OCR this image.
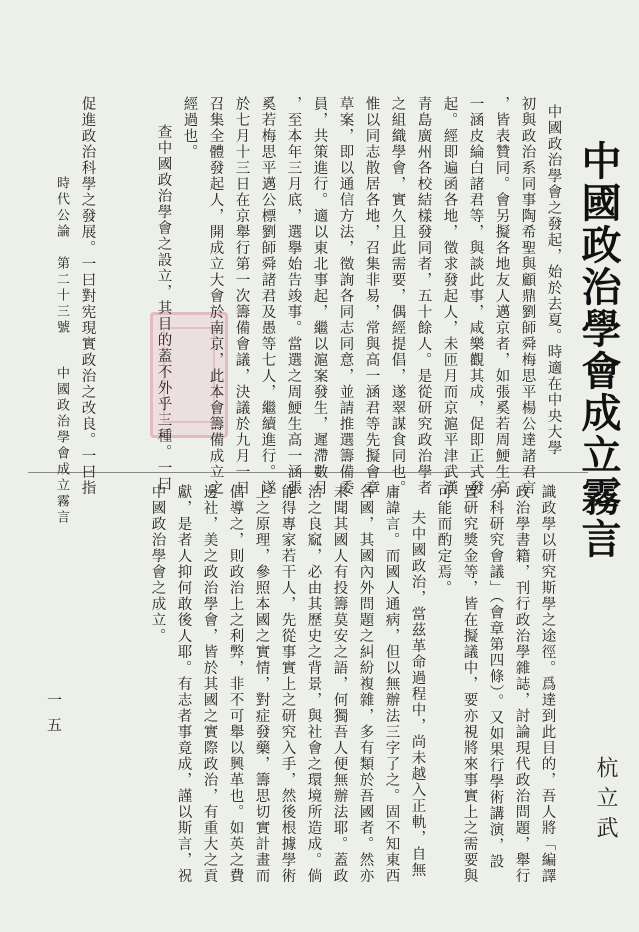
中國政治學會成立霧言
杭立武
中國政治學會之發起，始於去夏。時適在中央大學
初與政治系同事陶希聖與顧鼎劉師舜梅思平楊公達諸君言
，皆表贊同。會另擬各地友人邁京者，如張奚若周鯁生高
一涵皮綸白諸君等，與談此事，咸樂觀其成，促即正式發
起。經即遍函各地，徵求發起人，未匝月而京滬平津武漢
青島廣州各校結樣發同者，五十餘人。是從研究政治學者
之組織學會，實久且此需要，偶經提倡，遂翠謀食同也。
惟以同志散居各地，召集非易，常與高一涵君等先擬會章
草案，即以通信方法，徵詢各同志同意，並請推選籌備委
員，共策進行。適以東北事起，繼以滬案發生，遲滯數月
，至本年三月底，選擧始告竣事。當選之周鯁生高一涵張
奚若梅思平邁公標劉師舜諸君及愚等七人，繼續進行。遂
於七月十三日在京舉行第一次籌備會議，決議於九月一日
召集全體發起人，開成立大會於南京，此本會籌備成立之
經過也。
查中國政治學會之設立，其目的蓋不外乎三種。一曰
促進政治科學之發展。一曰對宪現實政治之改良。一曰指
識政學以研究斯學之途徑。爲達到此目的，吾人將「編譯
政治學書籍，刊行政治學雜誌，討論現代政治問題，舉行
分科研究會議」（會章第四條）。又如果行學術講演，設
置研究獎金等，皆在擬議中，要亦視將來事實上之需要與
可能而酌定焉。
夫中國政治，當茲革命過程中，尚未越入正軌，自無
庸諱言。而國人通病，但以無辦法三字了之。固不知東西
各國，其國內外問題之糾紛複雜，多有類於吾國者。然亦
未聞其國人有投籌莫安之語，何獨吾人便無辦法耶。蓋政
治之良窳，必由其歷史之背景，與社會之環境所造成。倘
能得專家若干人，先從事實上之研究入手，然後根據學術
上之原理，參照本國之實情，對症發藥，籌思切實計畫而
倡導之，則政治上之利弊，非不可舉以興革也。如英之費
邊社，美之政治學會，皆於其國之實際政治，有重大之貢
獻，是者人抑何敢後人耶。有志者事竟成，謹以斯言，祝
中國政治學會之成立。
時代公論
第二十三號
中國政治學會成立霧言
一五
